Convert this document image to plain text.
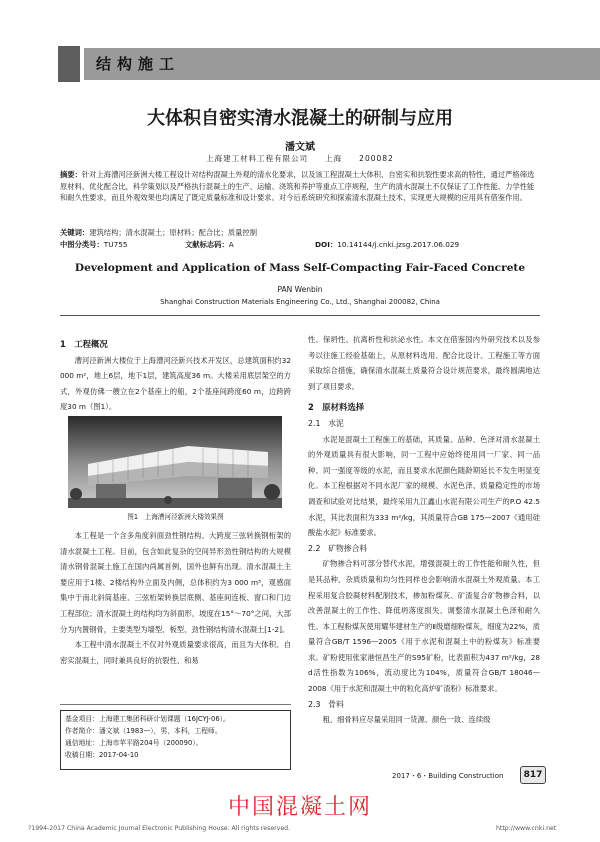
结构施工
大体积自密实清水混凝土的研制与应用
潘文斌
上海建工材料工程有限公司　　上海　　200082
摘要：针对上海漕河泾新洲大楼工程设计对结构混凝土外观的清水化要求，以及该工程混凝土大体积、自密实和抗裂性要求高的特性，通过严格筛选原材料、优化配合比，科学策划以及严格执行混凝土的生产、运输、浇筑和养护等重点工序规程，生产的清水混凝土不仅保证了工作性能、力学性能和耐久性要求，而且外观效果也均满足了既定质量标准和设计要求。对今后系统研究和探索清水混凝土技术、实现更大规模的应用具有借鉴作用。
关键词：建筑结构；清水混凝土；原材料；配合比；质量控制
中图分类号：TU755	文献标志码：A	DOI：10.14144/j.cnki.jzsg.2017.06.029
Development and Application of Mass Self-Compacting Fair-Faced Concrete
PAN Wenbin
Shanghai Construction Materials Engineering Co., Ltd., Shanghai 200082, China

1　工程概况

漕河泾新洲大楼位于上海漕河泾新兴技术开发区，总建筑面积约32 000 m²，地上6层，地下1层，建筑高度36 m。大楼采用底层架空的方式，外观仿佛一艘立在2个基座上的船，2个基座间跨度60 m，边跨跨度30 m（图1）。

图1　上海漕河泾新洲大楼效果图

本工程是一个含多角度斜面劲性钢结构、大跨度三弦转换钢桁架的清水混凝土工程。目前，包含如此复杂的空间异形劲性钢结构的大规模清水钢骨混凝土施工在国内尚属首例，国外也鲜有出现。清水混凝土主要应用于1楼、2楼结构外立面及内侧，总体积约为3 000 m³，观感面集中于南北斜筒基座、三弦桁架转换层底侧、基座间连板、窗口和门边工程部位；清水混凝土的结构均为斜面形，坡度在15°～70°之间，大部分为内置钢骨，主要类型为墙型、板型、劲性钢结构清水混凝土[1-2]。

本工程中清水混凝土不仅对外观质量要求很高，而且为大体积、自密实混凝土，同时兼具良好的抗裂性、和易

基金项目：上海建工集团科研计划课题（16JCYJ-06）。
作者简介：潘文斌（1983—），男，本科，工程师。
通信地址：上海市苹平路204号（200090）。
收稿日期：2017-04-10

性、保坍性、抗离析性和抗泌水性。本文在借鉴国内外研究技术以及参考以往施工经验基础上，从原材料选用、配合比设计、工程施工等方面采取综合措施，确保清水混凝土质量符合设计规范要求，最终圆满地达到了项目要求。

2　原材料选择

2.1　水泥

水泥是混凝土工程施工的基础，其质量、品种、色泽对清水混凝土的外观质量具有很大影响，同一工程中应始终使用同一厂家、同一品种、同一强度等级的水泥，而且要求水泥颜色随龄期延长不发生明显变化。本工程根据对不同水泥厂家的规模、水泥色泽、质量稳定性的市场调查和试验对比结果，最终采用九江鑫山水泥有限公司生产的P.O 42.5水泥，其比表面积为333 m²/kg，其质量符合GB 175—2007《通用硅酸盐水泥》标准要求。

2.2　矿物掺合料

矿物掺合料可部分替代水泥，增强混凝土的工作性能和耐久性，但是其品种、杂质质量和均匀性同样也会影响清水混凝土外观质量。本工程采用复合胶凝材料配制技术，掺加粉煤灰、矿渣复合矿物掺合料，以改善混凝土的工作性、降低坍落度损失、调整清水混凝土色泽和耐久性。本工程粉煤灰使用耀华建材生产的Ⅱ级磨细粉煤灰，细度为22%，质量符合GB/T 1596—2005《用于水泥和混凝土中的粉煤灰》标准要求。矿粉使用张家港恒昌生产的S95矿粉，比表面积为437 m²/kg，28 d活性指数为106%，流动度比为104%，质量符合GB/T 18046—2008《用于水泥和混凝土中的粒化高炉矿渣粉》标准要求。

2.3　骨料

粗、细骨料应尽量采用同一货源、颜色一致、连续级

2017・6・Building Construction	817
中国混凝土网
?1994-2017 China Academic Journal Electronic Publishing House. All rights reserved.	http://www.cnki.net
